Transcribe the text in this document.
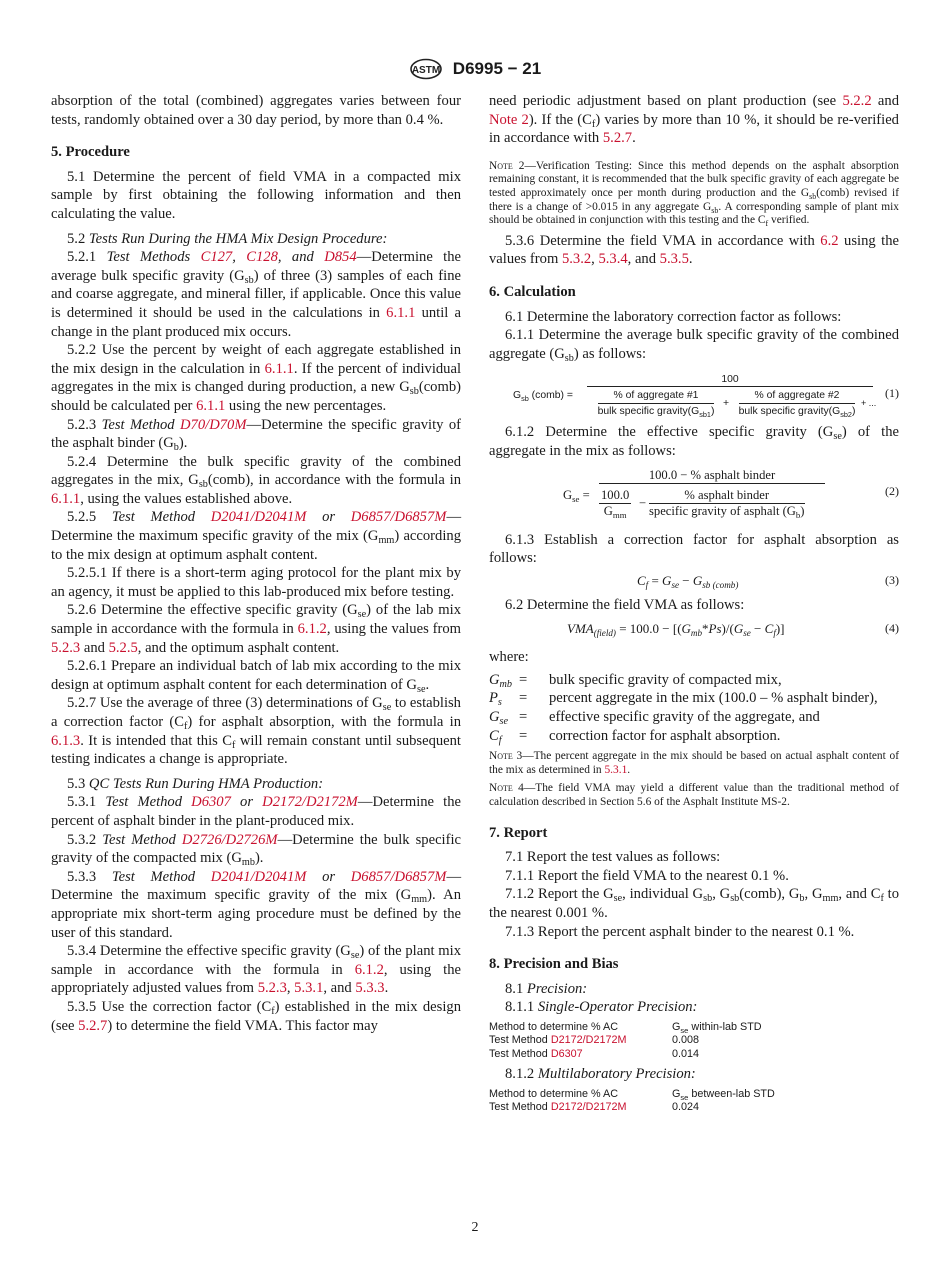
ASTM D6995 − 21

absorption of the total (combined) aggregates varies between four tests, randomly obtained over a 30 day period, by more than 0.4 %.

5. Procedure

5.1 Determine the percent of field VMA in a compacted mix sample by first obtaining the following information and then calculating the value.

5.2 Tests Run During the HMA Mix Design Procedure:

5.2.1 Test Methods C127, C128, and D854—Determine the average bulk specific gravity $(G_{sb})$ of three (3) samples of each fine and coarse aggregate, and mineral filler, if applicable. Once this value is determined it should be used in the calculations in 6.1.1 until a change in the plant produced mix occurs.

5.2.2 Use the percent by weight of each aggregate established in the mix design in the calculation in 6.1.1. If the percent of individual aggregates in the mix is changed during production, a new $G_{sb}(comb)$ should be calculated per 6.1.1 using the new percentages.

5.2.3 Test Method D70/D70M—Determine the specific gravity of the asphalt binder $(G_b)$.

5.2.4 Determine the bulk specific gravity of the combined aggregates in the mix, $G_{sb}(comb)$, in accordance with the formula in 6.1.1, using the values established above.

5.2.5 Test Method D2041/D2041M or D6857/D6857M—Determine the maximum specific gravity of the mix $(G_{mm})$ according to the mix design at optimum asphalt content.

5.2.5.1 If there is a short-term aging protocol for the plant mix by an agency, it must be applied to this lab-produced mix before testing.

5.2.6 Determine the effective specific gravity $(G_{se})$ of the lab mix sample in accordance with the formula in 6.1.2, using the values from 5.2.3 and 5.2.5, and the optimum asphalt content.

5.2.6.1 Prepare an individual batch of lab mix according to the mix design at optimum asphalt content for each determination of $G_{se}$.

5.2.7 Use the average of three (3) determinations of $G_{se}$ to establish a correction factor $(C_f)$ for asphalt absorption, with the formula in 6.1.3. It is intended that this $C_f$ will remain constant until subsequent testing indicates a change is appropriate.

5.3 QC Tests Run During HMA Production:

5.3.1 Test Method D6307 or D2172/D2172M—Determine the percent of asphalt binder in the plant-produced mix.

5.3.2 Test Method D2726/D2726M—Determine the bulk specific gravity of the compacted mix $(G_{mb})$.

5.3.3 Test Method D2041/D2041M or D6857/D6857M—Determine the maximum specific gravity of the mix $(G_{mm})$. An appropriate mix short-term aging procedure must be defined by the user of this standard.

5.3.4 Determine the effective specific gravity $(G_{se})$ of the plant mix sample in accordance with the formula in 6.1.2, using the appropriately adjusted values from 5.2.3, 5.3.1, and 5.3.3.

5.3.5 Use the correction factor $(C_f)$ established in the mix design (see 5.2.7) to determine the field VMA. This factor may

need periodic adjustment based on plant production (see 5.2.2 and Note 2). If the $(C_f)$ varies by more than 10 %, it should be re-verified in accordance with 5.2.7.

Note 2—Verification Testing: Since this method depends on the asphalt absorption remaining constant, it is recommended that the bulk specific gravity of each aggregate be tested approximately once per month during production and the $G_{sb}(comb)$ revised if there is a change of >0.015 in any aggregate $G_{sb}$. A corresponding sample of plant mix should be obtained in conjunction with this testing and the $C_f$ verified.

5.3.6 Determine the field VMA in accordance with 6.2 using the values from 5.3.2, 5.3.4, and 5.3.5.

6. Calculation

6.1 Determine the laboratory correction factor as follows:

6.1.1 Determine the average bulk specific gravity of the combined aggregate $(G_{sb})$ as follows:

$G_{sb}$ (comb) =
100
$\frac{\text{\% of aggregate \#1}}{bulk specific gravity(G_{sb1})} + \frac{\text{\% of aggregate \#2}}{bulk specific gravity(G_{sb2})}$ + ...
(1)

6.1.2 Determine the effective specific gravity $(G_{se})$ of the aggregate in the mix as follows:

$G_{se}$ =
100.0 − % asphalt binder
$\frac{100.0}{G_{mm}} - \frac{\text{\% asphalt binder}}{specific gravity of asphalt (G_b)}$	(2)

6.1.3 Establish a correction factor for asphalt absorption as follows:

$C_f = G_{se} - G_{sb (comb)}$	(3)

6.2 Determine the field VMA as follows:

$VMA_{(field)} = 100.0 - [(G_{mb}*Ps)/(G_{se} - C_f)]$	(4)

where:

$G_{mb}$ =	bulk specific gravity of compacted mix,
$P_s$	=	percent aggregate in the mix (100.0 – % asphalt binder),
$G_{se}$ =	effective specific gravity of the aggregate, and
$C_f$	=	correction factor for asphalt absorption.

Note 3—The percent aggregate in the mix should be based on actual asphalt content of the mix as determined in 5.3.1.

Note 4—The field VMA may yield a different value than the traditional method of calculation described in Section 5.6 of the Asphalt Institute MS-2.

7. Report

7.1 Report the test values as follows:

7.1.1 Report the field VMA to the nearest 0.1 %.

7.1.2 Report the $G_{se}$, individual $G_{sb}$, $G_{sb}(comb)$, $G_b$, $G_{mm}$, and $C_f$ to the nearest 0.001 %.

7.1.3 Report the percent asphalt binder to the nearest 0.1 %.

8. Precision and Bias

8.1 Precision:

8.1.1 Single-Operator Precision:

Method to determine % AC	$G_{se}$ within-lab STD
Test Method D2172/D2172M	0.008
Test Method D6307	0.014

8.1.2 Multilaboratory Precision:

Method to determine % AC	$G_{se}$ between-lab STD
Test Method D2172/D2172M	0.024
2
